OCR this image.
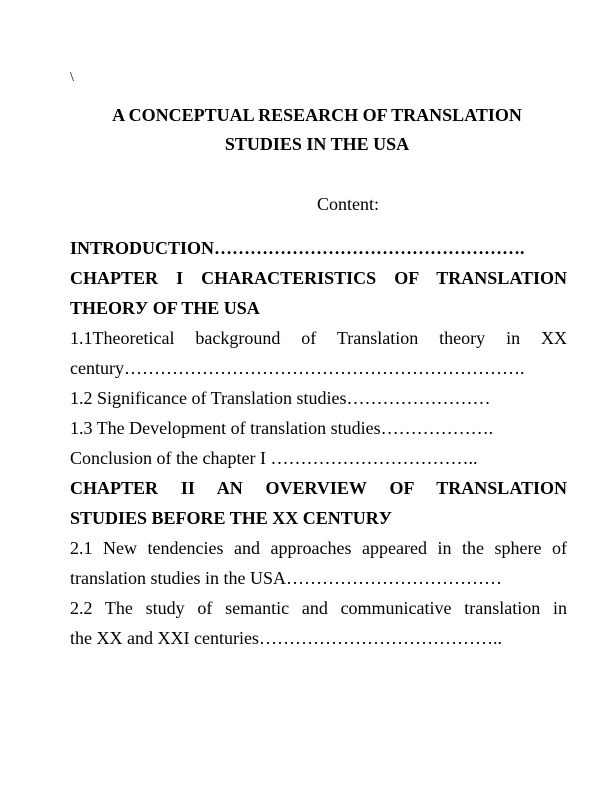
\
A CONCEPTUAL RESEARCH OF TRANSLATION
STUDIES IN THE USA
Content:
INTRODUCTION…………………………………………….
CHAPTER I CHARACTERISTICS OF TRANSLATION
THEORУ OF THE USA
1.1Theoretical background of Translation theory in XX
century………………………………………………………….
1.2 Significance of Translation studies……………………
1.3 The Development of translation studies……………….
Conclusion of the chapter I ……………………………..
CHAPTER II AN OVERVIEW OF TRANSLATION
STUDIES BEFORE THE XX CENTURУ
2.1 New tendencies and approaches appeared in the sphere of
translation studies in the USA………………………………
2.2 The study of semantic and communicative translation in
the XX and XXI centuries…………………………………..
